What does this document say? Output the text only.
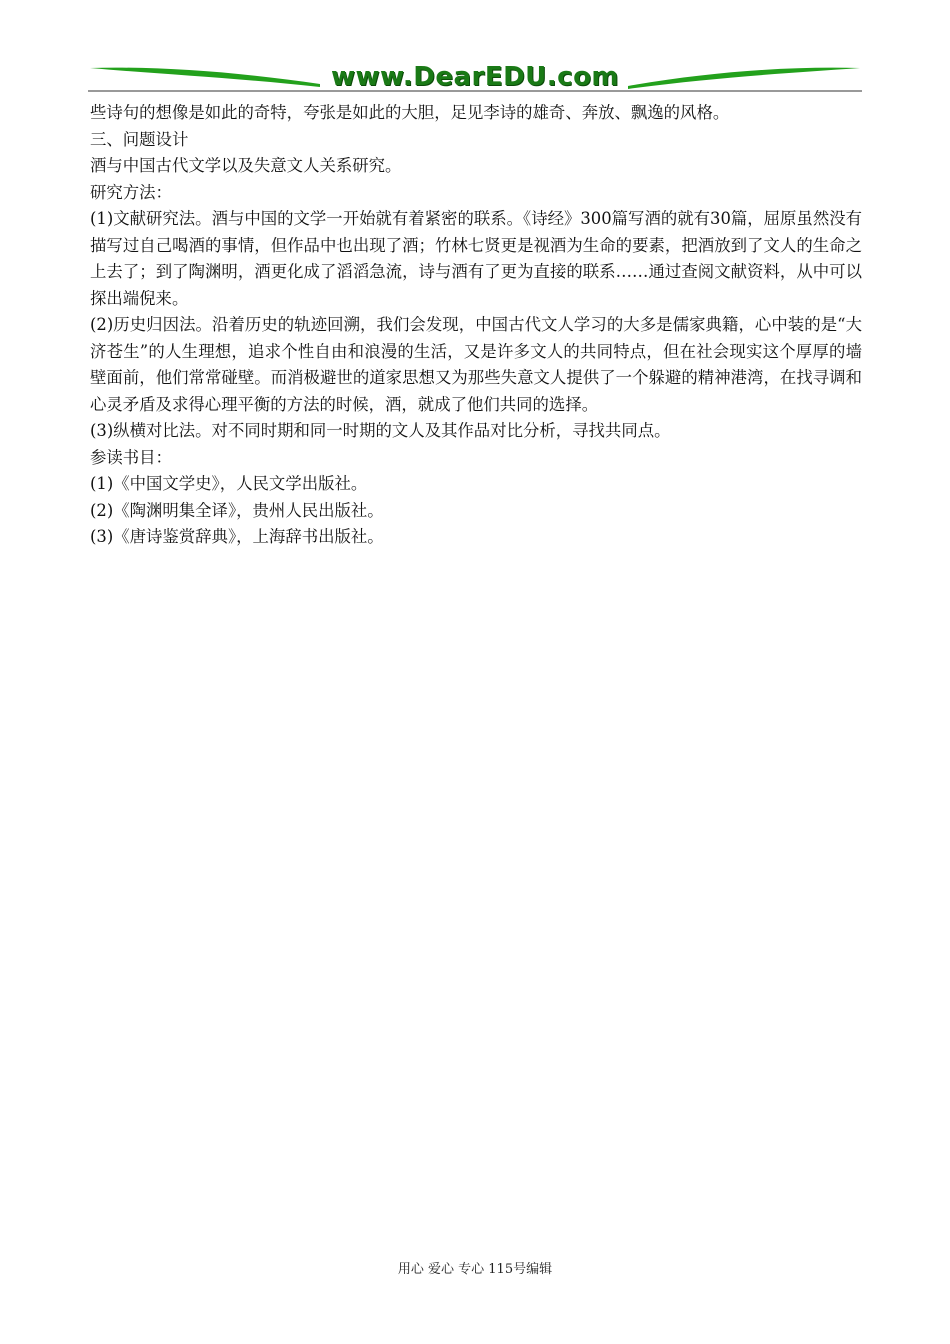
www.DearEDU.com

些诗句的想像是如此的奇特，夸张是如此的大胆，足见李诗的雄奇、奔放、飘逸的风格。

三、问题设计

酒与中国古代文学以及失意文人关系研究。

研究方法：

(1)文献研究法。酒与中国的文学一开始就有着紧密的联系。《诗经》300篇写酒的就有30篇，屈原虽然没有描写过自己喝酒的事情，但作品中也出现了酒；竹林七贤更是视酒为生命的要素，把酒放到了文人的生命之上去了；到了陶渊明，酒更化成了滔滔急流，诗与酒有了更为直接的联系……通过查阅文献资料，从中可以探出端倪来。

(2)历史归因法。沿着历史的轨迹回溯，我们会发现，中国古代文人学习的大多是儒家典籍，心中装的是“大济苍生”的人生理想，追求个性自由和浪漫的生活，又是许多文人的共同特点，但在社会现实这个厚厚的墙壁面前，他们常常碰壁。而消极避世的道家思想又为那些失意文人提供了一个躲避的精神港湾，在找寻调和心灵矛盾及求得心理平衡的方法的时候，酒，就成了他们共同的选择。

(3)纵横对比法。对不同时期和同一时期的文人及其作品对比分析，寻找共同点。

参读书目：

(1)《中国文学史》，人民文学出版社。

(2)《陶渊明集全译》，贵州人民出版社。

(3)《唐诗鉴赏辞典》，上海辞书出版社。

用心 爱心 专心 115号编辑
